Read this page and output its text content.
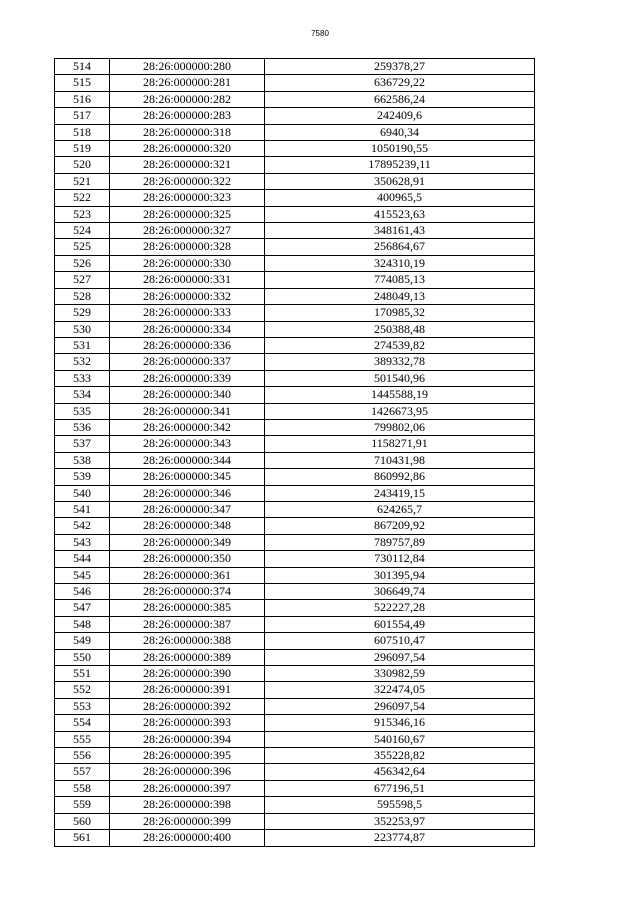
7580
514	28:26:000000:280	259378,27
515	28:26:000000:281	636729,22
516	28:26:000000:282	662586,24
517	28:26:000000:283	242409,6
518	28:26:000000:318	6940,34
519	28:26:000000:320	1050190,55
520	28:26:000000:321	17895239,11
521	28:26:000000:322	350628,91
522	28:26:000000:323	400965,5
523	28:26:000000:325	415523,63
524	28:26:000000:327	348161,43
525	28:26:000000:328	256864,67
526	28:26:000000:330	324310,19
527	28:26:000000:331	774085,13
528	28:26:000000:332	248049,13
529	28:26:000000:333	170985,32
530	28:26:000000:334	250388,48
531	28:26:000000:336	274539,82
532	28:26:000000:337	389332,78
533	28:26:000000:339	501540,96
534	28:26:000000:340	1445588,19
535	28:26:000000:341	1426673,95
536	28:26:000000:342	799802,06
537	28:26:000000:343	1158271,91
538	28:26:000000:344	710431,98
539	28:26:000000:345	860992,86
540	28:26:000000:346	243419,15
541	28:26:000000:347	624265,7
542	28:26:000000:348	867209,92
543	28:26:000000:349	789757,89
544	28:26:000000:350	730112,84
545	28:26:000000:361	301395,94
546	28:26:000000:374	306649,74
547	28:26:000000:385	522227,28
548	28:26:000000:387	601554,49
549	28:26:000000:388	607510,47
550	28:26:000000:389	296097,54
551	28:26:000000:390	330982,59
552	28:26:000000:391	322474,05
553	28:26:000000:392	296097,54
554	28:26:000000:393	915346,16
555	28:26:000000:394	540160,67
556	28:26:000000:395	355228,82
557	28:26:000000:396	456342,64
558	28:26:000000:397	677196,51
559	28:26:000000:398	595598,5
560	28:26:000000:399	352253,97
561	28:26:000000:400	223774,87
